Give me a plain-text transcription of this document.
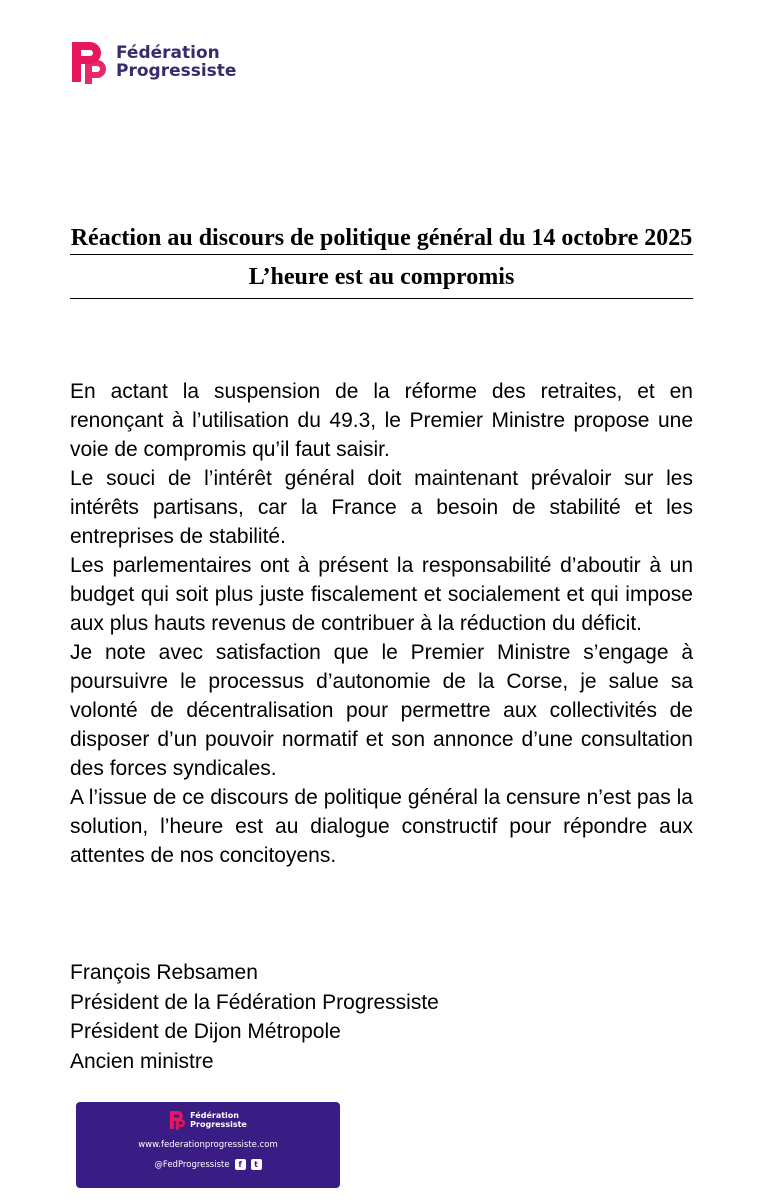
Fédération
Progressiste
Réaction au discours de politique général du 14 octobre 2025
L’heure est au compromis

En actant la suspension de la réforme des retraites, et en renonçant à l’utilisation du 49.3, le Premier Ministre propose une voie de compromis qu’il faut saisir.

Le souci de l’intérêt général doit maintenant prévaloir sur les intérêts partisans, car la France a besoin de stabilité et les entreprises de stabilité.

Les parlementaires ont à présent la responsabilité d’aboutir à un budget qui soit plus juste fiscalement et socialement et qui impose aux plus hauts revenus de contribuer à la réduction du déficit.

Je note avec satisfaction que le Premier Ministre s’engage à poursuivre le processus d’autonomie de la Corse, je salue sa volonté de décentralisation pour permettre aux collectivités de disposer d’un pouvoir normatif et son annonce d’une consultation des forces syndicales.

A l’issue de ce discours de politique général la censure n’est pas la solution, l’heure est au dialogue constructif pour répondre aux attentes de nos concitoyens.

François Rebsamen
Président de la Fédération Progressiste
Président de Dijon Métropole
Ancien ministre
Fédération
Progressiste
www.federationprogressiste.com
@FedProgressiste	f	t
